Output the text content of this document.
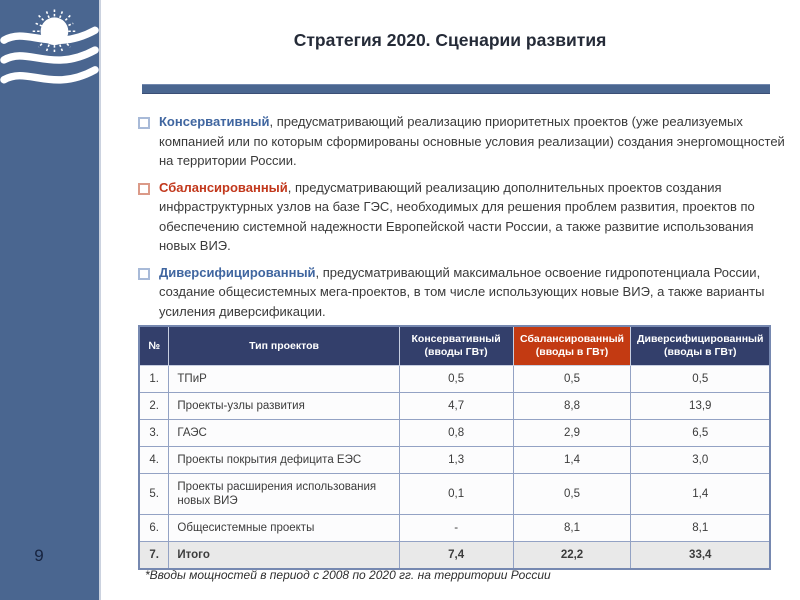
9
Стратегия 2020. Сценарии развития

Консервативный, предусматривающий реализацию приоритетных проектов (уже реализуемых компанией или по которым сформированы основные условия реализации) создания энергомощностей на территории России.

Сбалансированный, предусматривающий реализацию дополнительных проектов создания инфраструктурных узлов на базе ГЭС, необходимых для решения проблем развития, проектов по обеспечению системной надежности Европейской части России, а также развитие использования новых ВИЭ.

Диверсифицированный, предусматривающий максимальное освоение гидропотенциала России, создание общесистемных мега-проектов, в том числе использующих новые ВИЭ, а также варианты усиления диверсификации.

№	Тип проектов	Консервативный (вводы ГВт)	Сбалансированный (вводы в ГВт)	Диверсифицированный (вводы в ГВт)
1.	ТПиР	0,5	0,5	0,5
2.	Проекты-узлы развития	4,7	8,8	13,9
3.	ГАЭС	0,8	2,9	6,5
4.	Проекты покрытия дефицита ЕЭС	1,3	1,4	3,0
5.	Проекты расширения использования новых ВИЭ	0,1	0,5	1,4
6.	Общесистемные проекты	-	8,1	8,1
7.	Итого	7,4	22,2	33,4

*Вводы мощностей в период с 2008 по 2020 гг. на территории России
